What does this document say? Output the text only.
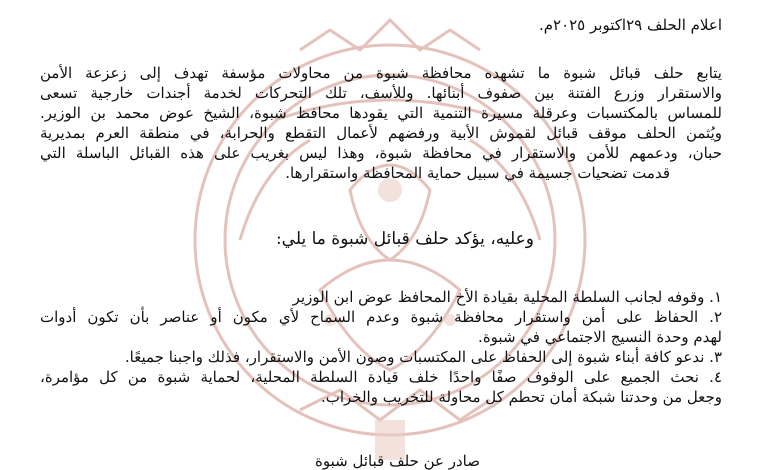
اعلام الحلف ٢٩اكتوبر ٢٠٢٥م.
يتابع حلف قبائل شبوة ما تشهده محافظة شبوة من محاولات مؤسفة تهدف إلى زعزعة الأمن
والاستقرار وزرع الفتنة بين صفوف أبنائها. وللأسف، تلك التحركات لخدمة أجندات خارجية تسعى
للمساس بالمكتسبات وعرقلة مسيرة التنمية التي يقودها محافظ شبوة، الشيخ عوض محمد بن الوزير.
ويُثمن الحلف موقف قبائل لقموش الأبية ورفضهم لأعمال التقطع والحرابة، في منطقة العرم بمديرية
حبان، ودعمهم للأمن والاستقرار في محافظة شبوة، وهذا ليس بغريب على هذه القبائل الباسلة التي
قدمت تضحيات جسيمة في سبيل حماية المحافظة واستقرارها.
وعليه، يؤكد حلف قبائل شبوة ما يلي:
١. وقوفه لجانب السلطة المحلية بقيادة الأخ المحافظ عوض ابن الوزير
٢. الحفاظ على أمن واستقرار محافظة شبوة وعدم السماح لأي مكون أو عناصر بأن تكون أدوات
لهدم وحدة النسيج الاجتماعي في شبوة.
٣. ندعو كافة أبناء شبوة إلى الحفاظ على المكتسبات وصون الأمن والاستقرار، فذلك واجبنا جميعًا.
٤. نحث الجميع على الوقوف صفًا واحدًا خلف قيادة السلطة المحلية، لحماية شبوة من كل مؤامرة،
وجعل من وحدتنا شبكة أمان تحطم كل محاولة للتخريب والخراب.
صادر عن حلف قبائل شبوة
